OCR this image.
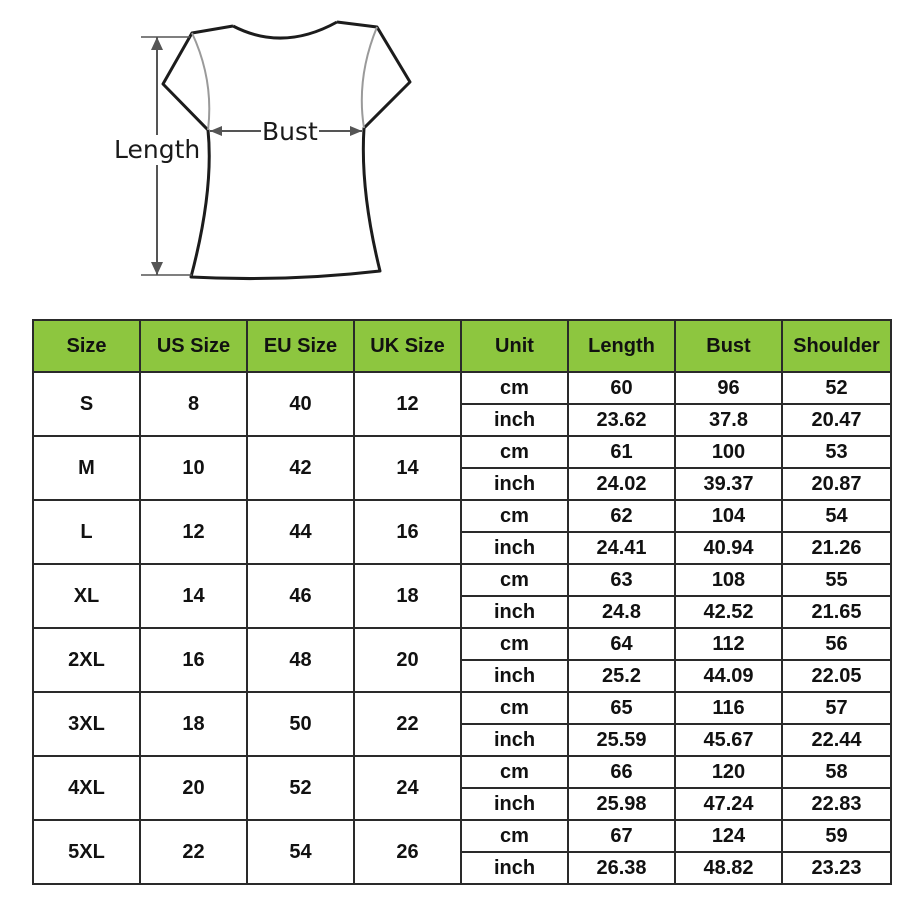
Length
Bust
Size	US Size	EU Size	UK Size	Unit	Length	Bust	Shoulder
S	8	40	12	cm	60	96	52
				inch	23.62	37.8	20.47
M	10	42	14	cm	61	100	53
				inch	24.02	39.37	20.87
L	12	44	16	cm	62	104	54
				inch	24.41	40.94	21.26
XL	14	46	18	cm	63	108	55
				inch	24.8	42.52	21.65
2XL	16	48	20	cm	64	112	56
				inch	25.2	44.09	22.05
3XL	18	50	22	cm	65	116	57
				inch	25.59	45.67	22.44
4XL	20	52	24	cm	66	120	58
				inch	25.98	47.24	22.83
5XL	22	54	26	cm	67	124	59
				inch	26.38	48.82	23.23
